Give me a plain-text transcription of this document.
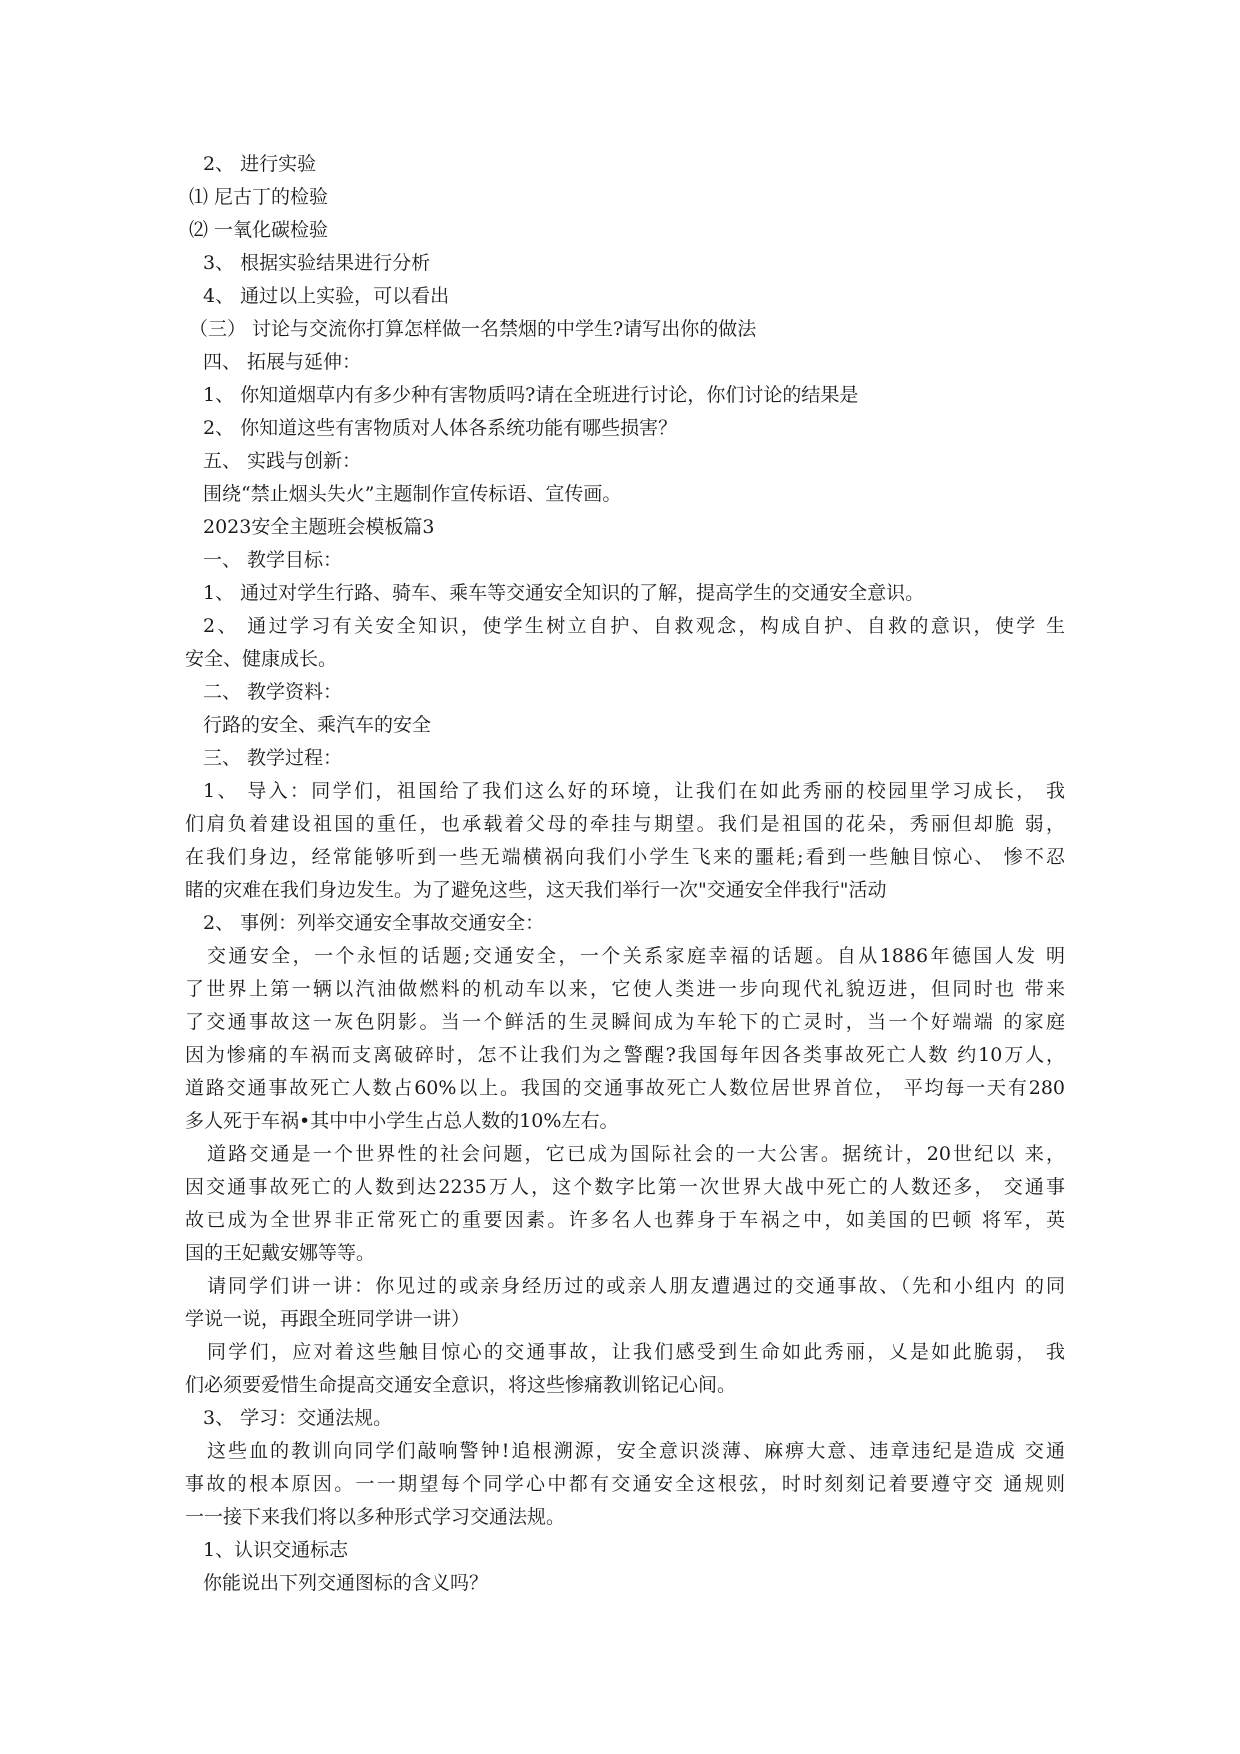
2、 进行实验
⑴ 尼古丁的检验
⑵ 一氧化碳检验
3、 根据实验结果进行分析
4、 通过以上实验，可以看出
（三） 讨论与交流你打算怎样做一名禁烟的中学生?请写出你的做法
四、 拓展与延伸：
1、 你知道烟草内有多少种有害物质吗?请在全班进行讨论，你们讨论的结果是
2、 你知道这些有害物质对人体各系统功能有哪些损害？
五、 实践与创新：
围绕“禁止烟头失火”主题制作宣传标语、宣传画。
2023安全主题班会模板篇3
一、 教学目标：
1、 通过对学生行路、骑车、乘车等交通安全知识的了解，提高学生的交通安全意识。
2、 通过学习有关安全知识，使学生树立自护、自救观念，构成自护、自救的意识，使学 生
安全、健康成长。
二、 教学资料：
行路的安全、乘汽车的安全
三、 教学过程：
1、 导入：同学们，祖国给了我们这么好的环境，让我们在如此秀丽的校园里学习成长， 我
们肩负着建设祖国的重任，也承载着父母的牵挂与期望。我们是祖国的花朵，秀丽但却脆 弱，
在我们身边，经常能够听到一些无端横祸向我们小学生飞来的噩耗;看到一些触目惊心、 惨不忍
睹的灾难在我们身边发生。为了避免这些，这天我们举行一次"交通安全伴我行"活动
2、 事例：列举交通安全事故交通安全：
交通安全，一个永恒的话题;交通安全，一个关系家庭幸福的话题。自从1886年德国人发 明
了世界上第一辆以汽油做燃料的机动车以来，它使人类进一步向现代礼貌迈进，但同时也 带来
了交通事故这一灰色阴影。当一个鲜活的生灵瞬间成为车轮下的亡灵时，当一个好端端 的家庭
因为惨痛的车祸而支离破碎时，怎不让我们为之警醒?我国每年因各类事故死亡人数 约10万人，
道路交通事故死亡人数占60%以上。我国的交通事故死亡人数位居世界首位， 平均每一天有280
多人死于车祸•其中中小学生占总人数的10%左右。
道路交通是一个世界性的社会问题，它已成为国际社会的一大公害。据统计，20世纪以 来，
因交通事故死亡的人数到达2235万人，这个数字比第一次世界大战中死亡的人数还多， 交通事
故已成为全世界非正常死亡的重要因素。许多名人也葬身于车祸之中，如美国的巴顿 将军，英
国的王妃戴安娜等等。
请同学们讲一讲：你见过的或亲身经历过的或亲人朋友遭遇过的交通事故、（先和小组内 的同
学说一说，再跟全班同学讲一讲）
同学们，应对着这些触目惊心的交通事故，让我们感受到生命如此秀丽，乂是如此脆弱， 我
们必须要爱惜生命提高交通安全意识，将这些惨痛教训铭记心间。
3、 学习：交通法规。
这些血的教训向同学们敲响警钟!追根溯源，安全意识淡薄、麻痹大意、违章违纪是造成 交通
事故的根本原因。一一期望每个同学心中都有交通安全这根弦，时时刻刻记着要遵守交 通规则
一一接下来我们将以多种形式学习交通法规。
1、认识交通标志
你能说出下列交通图标的含义吗？
